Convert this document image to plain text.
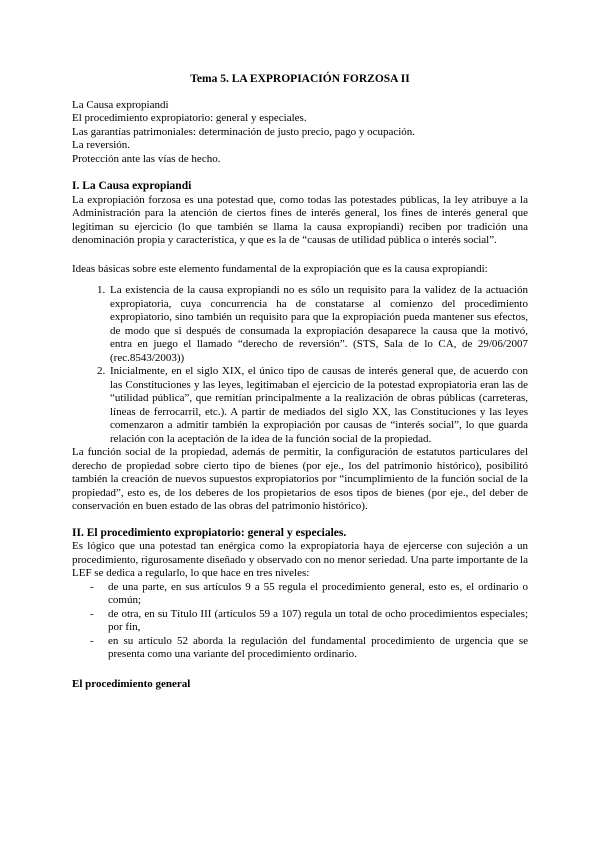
Tema 5. LA EXPROPIACIÓN FORZOSA II
La Causa expropiandi
El procedimiento expropiatorio: general y especiales.
Las garantías patrimoniales: determinación de justo precio, pago y ocupación.
La reversión.
Protección ante las vías de hecho.
I. La Causa expropiandi

La expropiación forzosa es una potestad que, como todas las potestades públicas, la ley atribuye a la Administración para la atención de ciertos fines de interés general, los fines de interés general que legitiman su ejercicio (lo que también se llama la causa expropiandi) reciben por tradición una denominación propia y característica, y que es la de “causas de utilidad pública o interés social”.

Ideas básicas sobre este elemento fundamental de la expropiación que es la causa expropiandi:

1. La existencia de la causa expropiandi no es sólo un requisito para la validez de la actuación expropiatoria, cuya concurrencia ha de constatarse al comienzo del procedimiento expropiatorio, sino también un requisito para que la expropiación pueda mantener sus efectos, de modo que si después de consumada la expropiación desaparece la causa que la motivó, entra en juego el llamado “derecho de reversión”. (STS, Sala de lo CA, de 29/06/2007 (rec.8543/2003))
2. Inicialmente, en el siglo XIX, el único tipo de causas de interés general que, de acuerdo con las Constituciones y las leyes, legitimaban el ejercicio de la potestad expropiatoria eran las de “utilidad pública”, que remitían principalmente a la realización de obras públicas (carreteras, líneas de ferrocarril, etc.). A partir de mediados del siglo XX, las Constituciones y las leyes comenzaron a admitir también la expropiación por causas de “interés social”, lo que guarda relación con la aceptación de la idea de la función social de la propiedad.

La función social de la propiedad, además de permitir, la configuración de estatutos particulares del derecho de propiedad sobre cierto tipo de bienes (por eje., los del patrimonio histórico), posibilitó también la creación de nuevos supuestos expropiatorios por “incumplimiento de la función social de la propiedad”, esto es, de los deberes de los propietarios de esos tipos de bienes (por eje., del deber de conservación en buen estado de las obras del patrimonio histórico).

II. El procedimiento expropiatorio: general y especiales.

Es lógico que una potestad tan enérgica como la expropiatoria haya de ejercerse con sujeción a un procedimiento, rigurosamente diseñado y observado con no menor seriedad. Una parte importante de la LEF se dedica a regularlo, lo que hace en tres niveles:

- de una parte, en sus artículos 9 a 55 regula el procedimiento general, esto es, el ordinario o común;
- de otra, en su Título III (artículos 59 a 107) regula un total de ocho procedimientos especiales; por fin,
- en su artículo 52 aborda la regulación del fundamental procedimiento de urgencia que se presenta como una variante del procedimiento ordinario.
El procedimiento general
